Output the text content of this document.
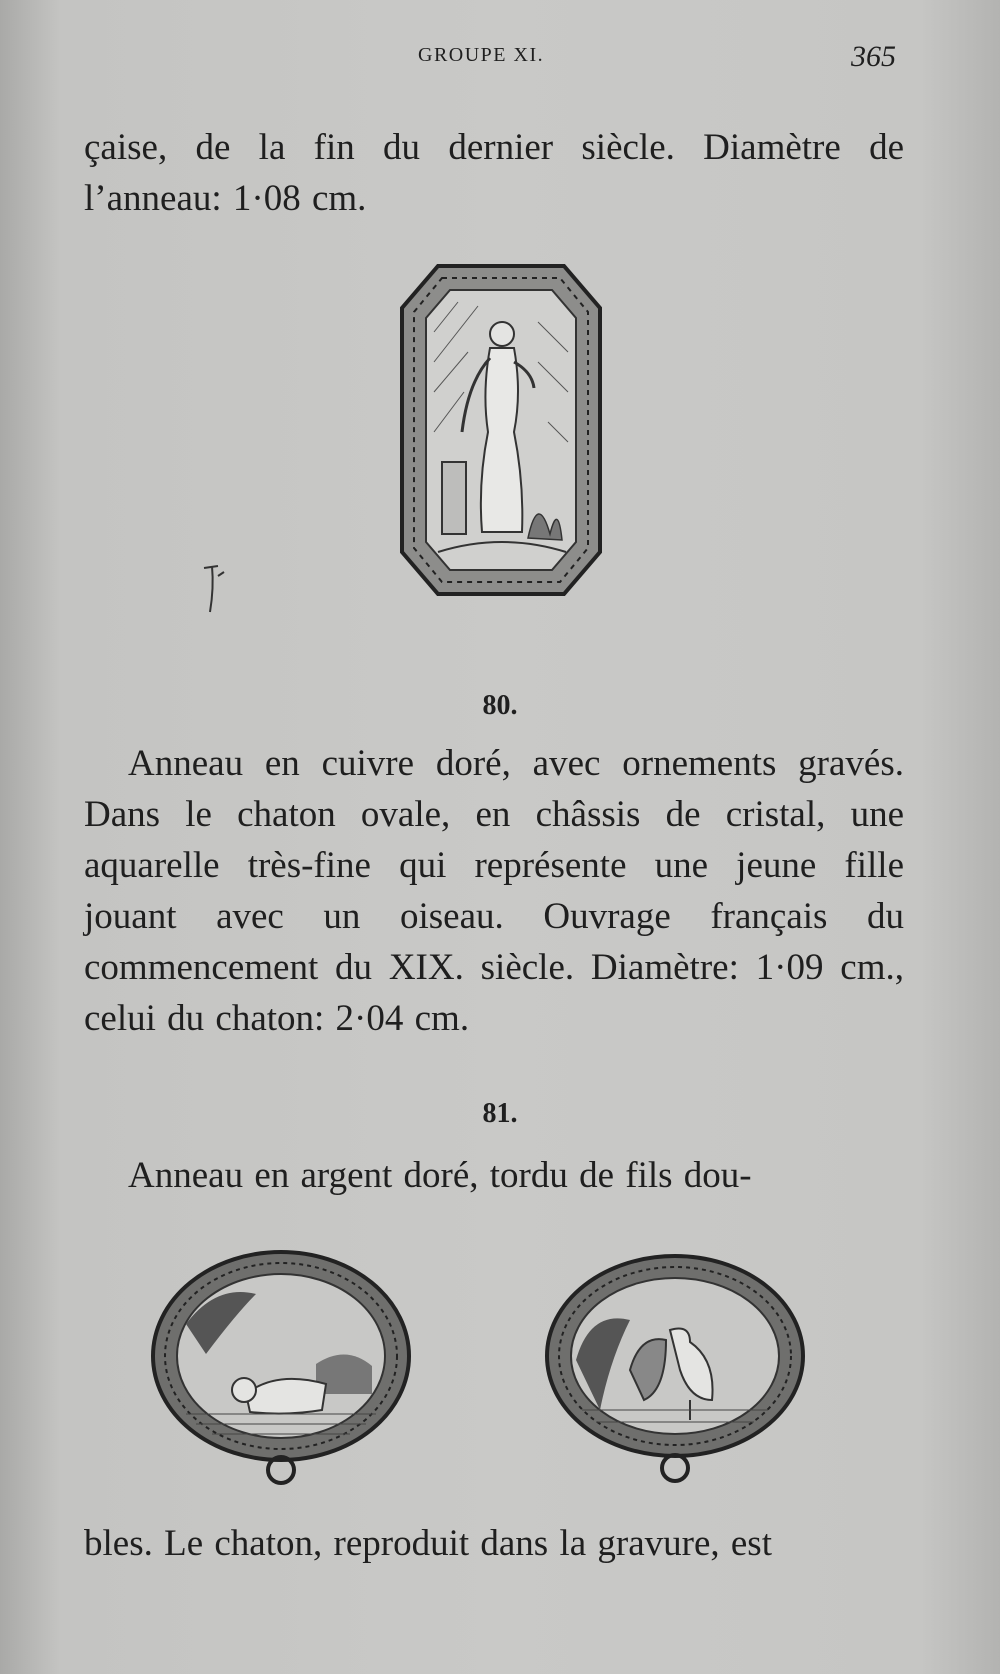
GROUPE XI.	365
çaise, de la fin du dernier siècle. Diamètre de l’anneau: 1·08 cm.
80.
Anneau en cuivre doré, avec ornements gravés. Dans le chaton ovale, en châssis de cristal, une aquarelle très-fine qui représente une jeune fille jouant avec un oiseau. Ouvrage français du commencement du XIX. siècle. Diamètre: 1·09 cm., celui du chaton: 2·04 cm.
81.
Anneau en argent doré, tordu de fils dou-
bles. Le chaton, reproduit dans la gravure, est
